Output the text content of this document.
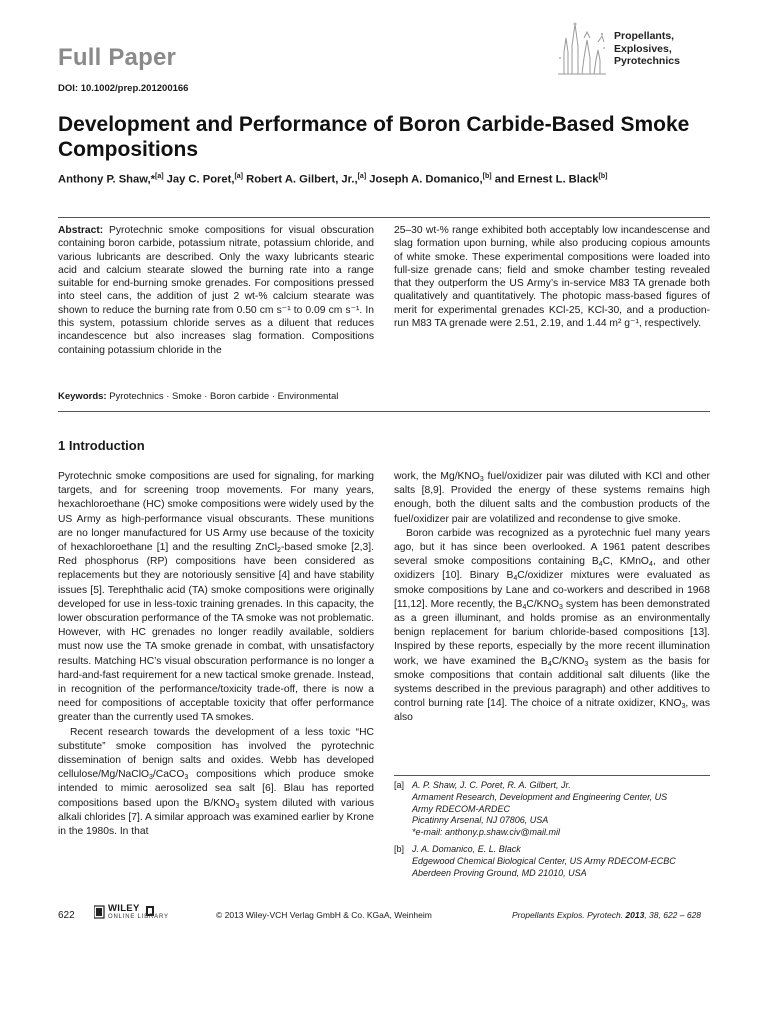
Full Paper
Propellants,
Explosives,
Pyrotechnics
DOI: 10.1002/prep.201200166
Development and Performance of Boron Carbide-Based Smoke Compositions
Anthony P. Shaw,*[a] Jay C. Poret,[a] Robert A. Gilbert, Jr.,[a] Joseph A. Domanico,[b] and Ernest L. Black[b]
Abstract: Pyrotechnic smoke compositions for visual obscuration containing boron carbide, potassium nitrate, potassium chloride, and various lubricants are described. Only the waxy lubricants stearic acid and calcium stearate slowed the burning rate into a range suitable for end-burning smoke grenades. For compositions pressed into steel cans, the addition of just 2 wt-% calcium stearate was shown to reduce the burning rate from 0.50 cm s⁻¹ to 0.09 cm s⁻¹. In this system, potassium chloride serves as a diluent that reduces incandescence but also increases slag formation. Compositions containing potassium chloride in the
25–30 wt-% range exhibited both acceptably low incandescense and slag formation upon burning, while also producing copious amounts of white smoke. These experimental compositions were loaded into full-size grenade cans; field and smoke chamber testing revealed that they outperform the US Army’s in-service M83 TA grenade both qualitatively and quantitatively. The photopic mass-based figures of merit for experimental grenades KCl-25, KCl-30, and a production-run M83 TA grenade were 2.51, 2.19, and 1.44 m² g⁻¹, respectively.
Keywords: Pyrotechnics · Smoke · Boron carbide · Environmental
1 Introduction

Pyrotechnic smoke compositions are used for signaling, for marking targets, and for screening troop movements. For many years, hexachloroethane (HC) smoke compositions were widely used by the US Army as high-performance visual obscurants. These munitions are no longer manufactured for US Army use because of the toxicity of hexachloroethane [1] and the resulting ZnCl$_2$-based smoke [2,3]. Red phosphorus (RP) compositions have been considered as replacements but they are notoriously sensitive [4] and have stability issues [5]. Terephthalic acid (TA) smoke compositions were originally developed for use in less-toxic training grenades. In this capacity, the lower obscuration performance of the TA smoke was not problematic. However, with HC grenades no longer readily available, soldiers must now use the TA smoke grenade in combat, with unsatisfactory results. Matching HC’s visual obscuration performance is no longer a hard-and-fast requirement for a new tactical smoke grenade. Instead, in recognition of the performance/toxicity trade-off, there is now a need for compositions of acceptable toxicity that offer performance greater than the currently used TA smokes.

Recent research towards the development of a less toxic “HC substitute” smoke composition has involved the pyrotechnic dissemination of benign salts and oxides. Webb has developed cellulose/Mg/NaClO$_3$/CaCO$_3$ compositions which produce smoke intended to mimic aerosolized sea salt [6]. Blau has reported compositions based upon the $B/KNO_3$ system diluted with various alkali chlorides [7]. A similar approach was examined earlier by Krone in the 1980s. In that

work, the $Mg/KNO_3$ fuel/oxidizer pair was diluted with KCl and other salts [8,9]. Provided the energy of these systems remains high enough, both the diluent salts and the combustion products of the fuel/oxidizer pair are volatilized and recondense to give smoke.

Boron carbide was recognized as a pyrotechnic fuel many years ago, but it has since been overlooked. A 1961 patent describes several smoke compositions containing $B_4C$, KMnO$_4$, and other oxidizers [10]. Binary $B_4C$/oxidizer mixtures were evaluated as smoke compositions by Lane and co-workers and described in 1968 [11,12]. More recently, the $B_4C/KNO_3$ system has been demonstrated as a green illuminant, and holds promise as an environmentally benign replacement for barium chloride-based compositions [13]. Inspired by these reports, especially by the more recent illumination work, we have examined the $B_4C/KNO_3$ system as the basis for smoke compositions that contain additional salt diluents (like the systems described in the previous paragraph) and other additives to control burning rate [14]. The choice of a nitrate oxidizer, $KNO_3$, was also

[a] A. P. Shaw, J. C. Poret, R. A. Gilbert, Jr.
Armament Research, Development and Engineering Center, US
Army RDECOM-ARDEC
Picatinny Arsenal, NJ 07806, USA
*e-mail: anthony.p.shaw.civ@mail.mil
[b] J. A. Domanico, E. L. Black
Edgewood Chemical Biological Center, US Army RDECOM-ECBC
Aberdeen Proving Ground, MD 21010, USA
622
WILEY
ONLINE LIBRARY	© 2013 Wiley-VCH Verlag GmbH & Co. KGaA, Weinheim	Propellants Explos. Pyrotech. 2013, 38, 622 – 628
